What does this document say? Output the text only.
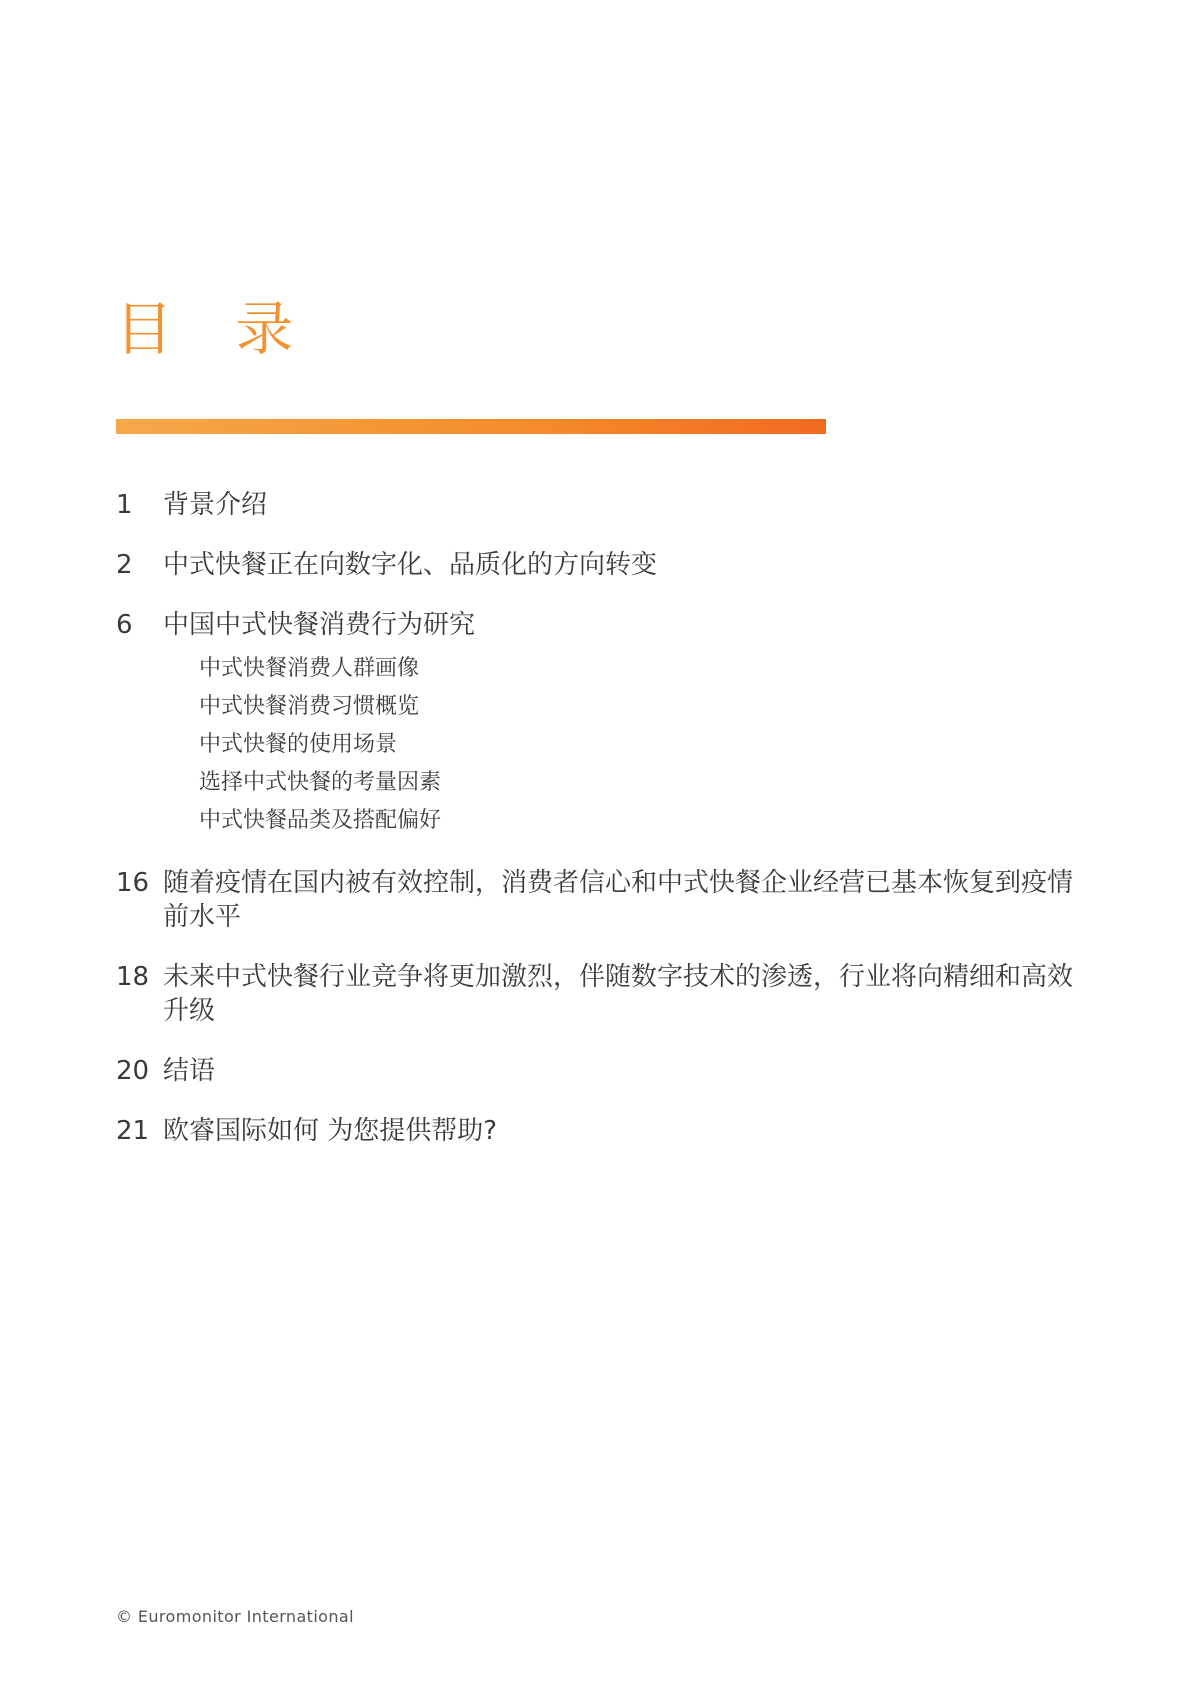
目 录
1	背景介绍
2	中式快餐正在向数字化、品质化的方向转变
6	中国中式快餐消费行为研究
中式快餐消费人群画像
中式快餐消费习惯概览
中式快餐的使用场景
选择中式快餐的考量因素
中式快餐品类及搭配偏好
16 随着疫情在国内被有效控制，消费者信心和中式快餐企业经营已基本恢复到疫情前水平
18 未来中式快餐行业竞争将更加激烈，伴随数字技术的渗透，行业将向精细和高效升级
20 结语
21 欧睿国际如何 为您提供帮助?
© Euromonitor International
